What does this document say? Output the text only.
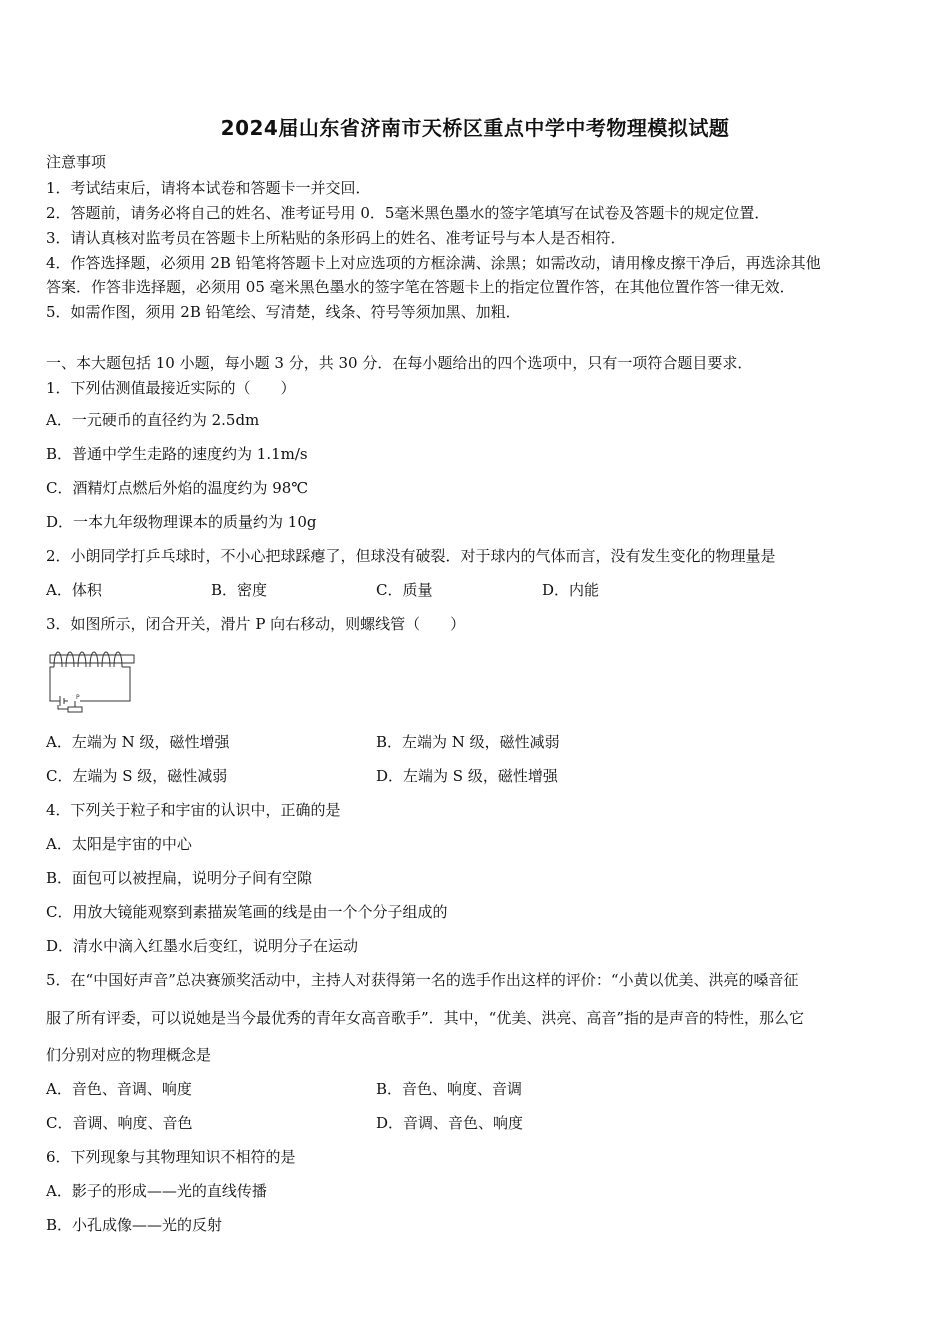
2024届山东省济南市天桥区重点中学中考物理模拟试题
注意事项
1．考试结束后，请将本试卷和答题卡一并交回．
2．答题前，请务必将自己的姓名、准考证号用 0．5毫米黑色墨水的签字笔填写在试卷及答题卡的规定位置．
3．请认真核对监考员在答题卡上所粘贴的条形码上的姓名、准考证号与本人是否相符．
4．作答选择题，必须用 2B 铅笔将答题卡上对应选项的方框涂满、涂黑；如需改动，请用橡皮擦干净后，再选涂其他
答案．作答非选择题，必须用 05 毫米黑色墨水的签字笔在答题卡上的指定位置作答，在其他位置作答一律无效．
5．如需作图，须用 2B 铅笔绘、写清楚，线条、符号等须加黑、加粗．
一、本大题包括 10 小题，每小题 3 分，共 30 分．在每小题给出的四个选项中，只有一项符合题目要求．
1．下列估测值最接近实际的（　　）
A．一元硬币的直径约为 2.5dm
B．普通中学生走路的速度约为 1.1m/s
C．酒精灯点燃后外焰的温度约为 98℃
D．一本九年级物理课本的质量约为 10g
2．小朗同学打乒乓球时，不小心把球踩瘪了，但球没有破裂．对于球内的气体而言，没有发生变化的物理量是
A．体积	B．密度	C．质量	D．内能
3．如图所示，闭合开关，滑片 P 向右移动，则螺线管（　　）
P
A．左端为 N 级，磁性增强	B．左端为 N 级，磁性减弱
C．左端为 S 级，磁性减弱	D．左端为 S 级，磁性增强
4．下列关于粒子和宇宙的认识中，正确的是
A．太阳是宇宙的中心
B．面包可以被捏扁，说明分子间有空隙
C．用放大镜能观察到素描炭笔画的线是由一个个分子组成的
D．清水中滴入红墨水后变红，说明分子在运动
5．在“中国好声音”总决赛颁奖活动中，主持人对获得第一名的选手作出这样的评价：“小黄以优美、洪亮的嗓音征
服了所有评委，可以说她是当今最优秀的青年女高音歌手”．其中，“优美、洪亮、高音”指的是声音的特性，那么它
们分别对应的物理概念是
A．音色、音调、响度	B．音色、响度、音调
C．音调、响度、音色	D．音调、音色、响度
6．下列现象与其物理知识不相符的是
A．影子的形成——光的直线传播
B．小孔成像——光的反射
